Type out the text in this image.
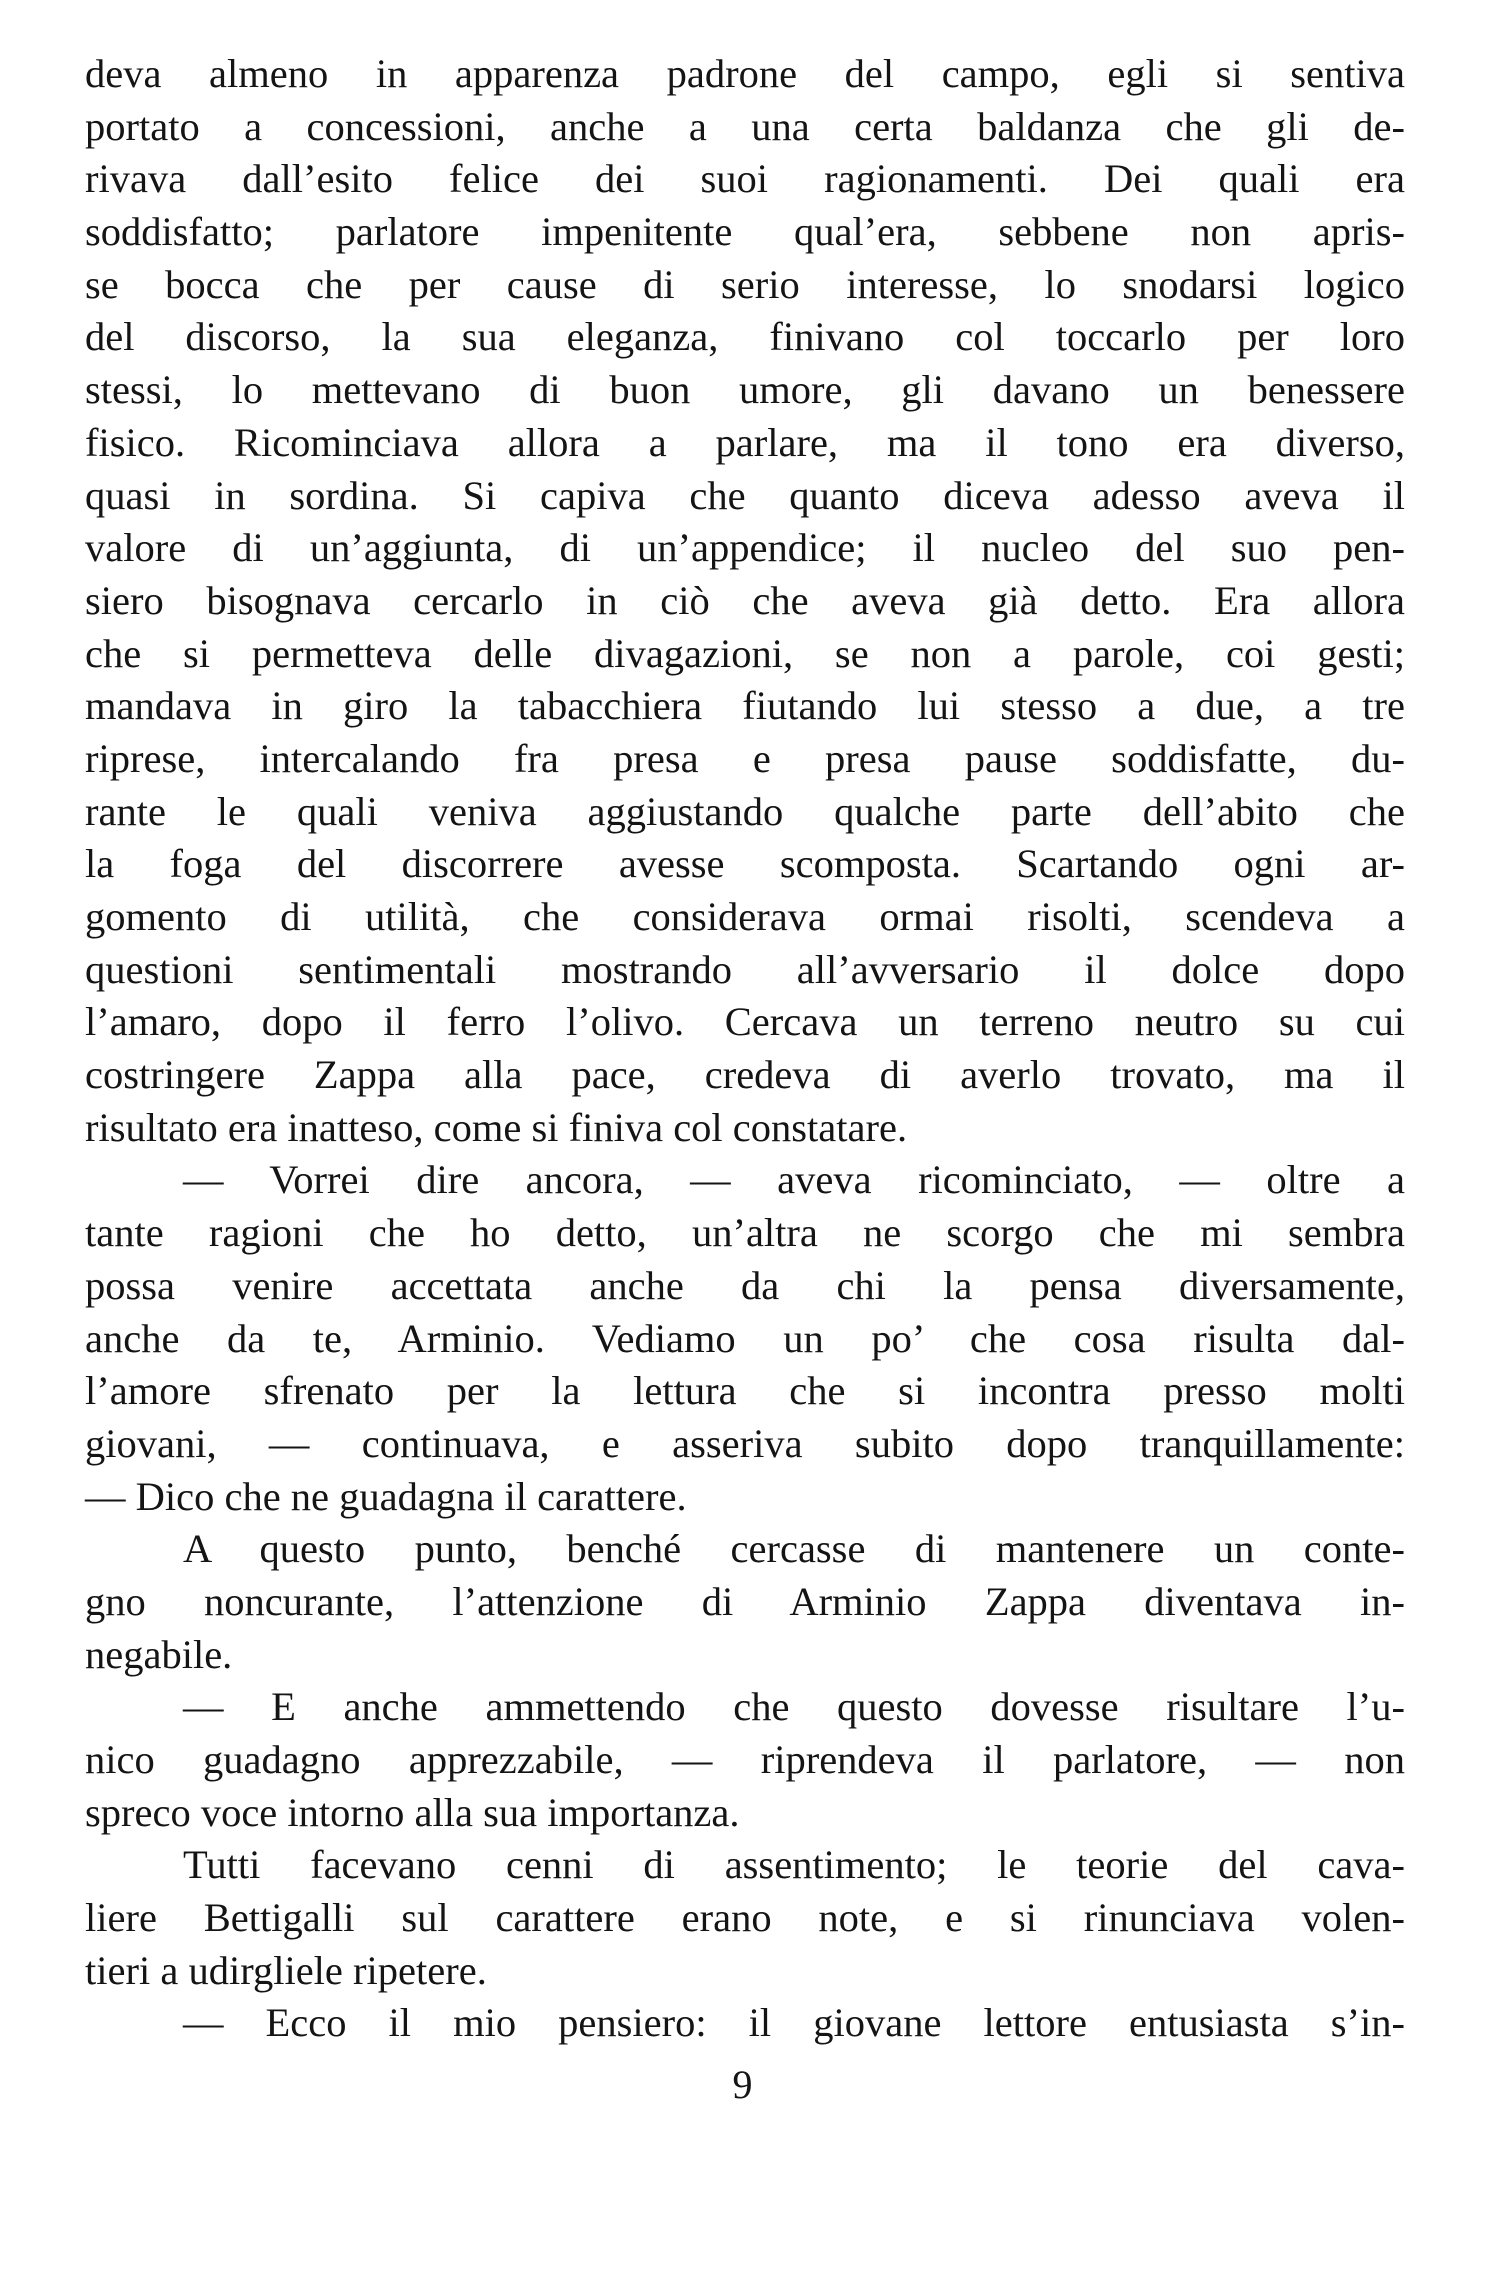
deva almeno in apparenza padrone del campo, egli si sentiva
portato a concessioni, anche a una certa baldanza che gli de-
rivava dall’esito felice dei suoi ragionamenti. Dei quali era
soddisfatto; parlatore impenitente qual’era, sebbene non apris-
se bocca che per cause di serio interesse, lo snodarsi logico
del discorso, la sua eleganza, finivano col toccarlo per loro
stessi, lo mettevano di buon umore, gli davano un benessere
fisico. Ricominciava allora a parlare, ma il tono era diverso,
quasi in sordina. Si capiva che quanto diceva adesso aveva il
valore di un’aggiunta, di un’appendice; il nucleo del suo pen-
siero bisognava cercarlo in ciò che aveva già detto. Era allora
che si permetteva delle divagazioni, se non a parole, coi gesti;
mandava in giro la tabacchiera fiutando lui stesso a due, a tre
riprese, intercalando fra presa e presa pause soddisfatte, du-
rante le quali veniva aggiustando qualche parte dell’abito che
la foga del discorrere avesse scomposta. Scartando ogni ar-
gomento di utilità, che considerava ormai risolti, scendeva a
questioni sentimentali mostrando all’avversario il dolce dopo
l’amaro, dopo il ferro l’olivo. Cercava un terreno neutro su cui
costringere Zappa alla pace, credeva di averlo trovato, ma il
risultato era inatteso, come si finiva col constatare.
— Vorrei dire ancora, — aveva ricominciato, — oltre a
tante ragioni che ho detto, un’altra ne scorgo che mi sembra
possa venire accettata anche da chi la pensa diversamente,
anche da te, Arminio. Vediamo un po’ che cosa risulta dal-
l’amore sfrenato per la lettura che si incontra presso molti
giovani, — continuava, e asseriva subito dopo tranquillamente:
— Dico che ne guadagna il carattere.
A questo punto, benché cercasse di mantenere un conte-
gno noncurante, l’attenzione di Arminio Zappa diventava in-
negabile.
— E anche ammettendo che questo dovesse risultare l’u-
nico guadagno apprezzabile, — riprendeva il parlatore, — non
spreco voce intorno alla sua importanza.
Tutti facevano cenni di assentimento; le teorie del cava-
liere Bettigalli sul carattere erano note, e si rinunciava volen-
tieri a udirgliele ripetere.
— Ecco il mio pensiero: il giovane lettore entusiasta s’in-
9
